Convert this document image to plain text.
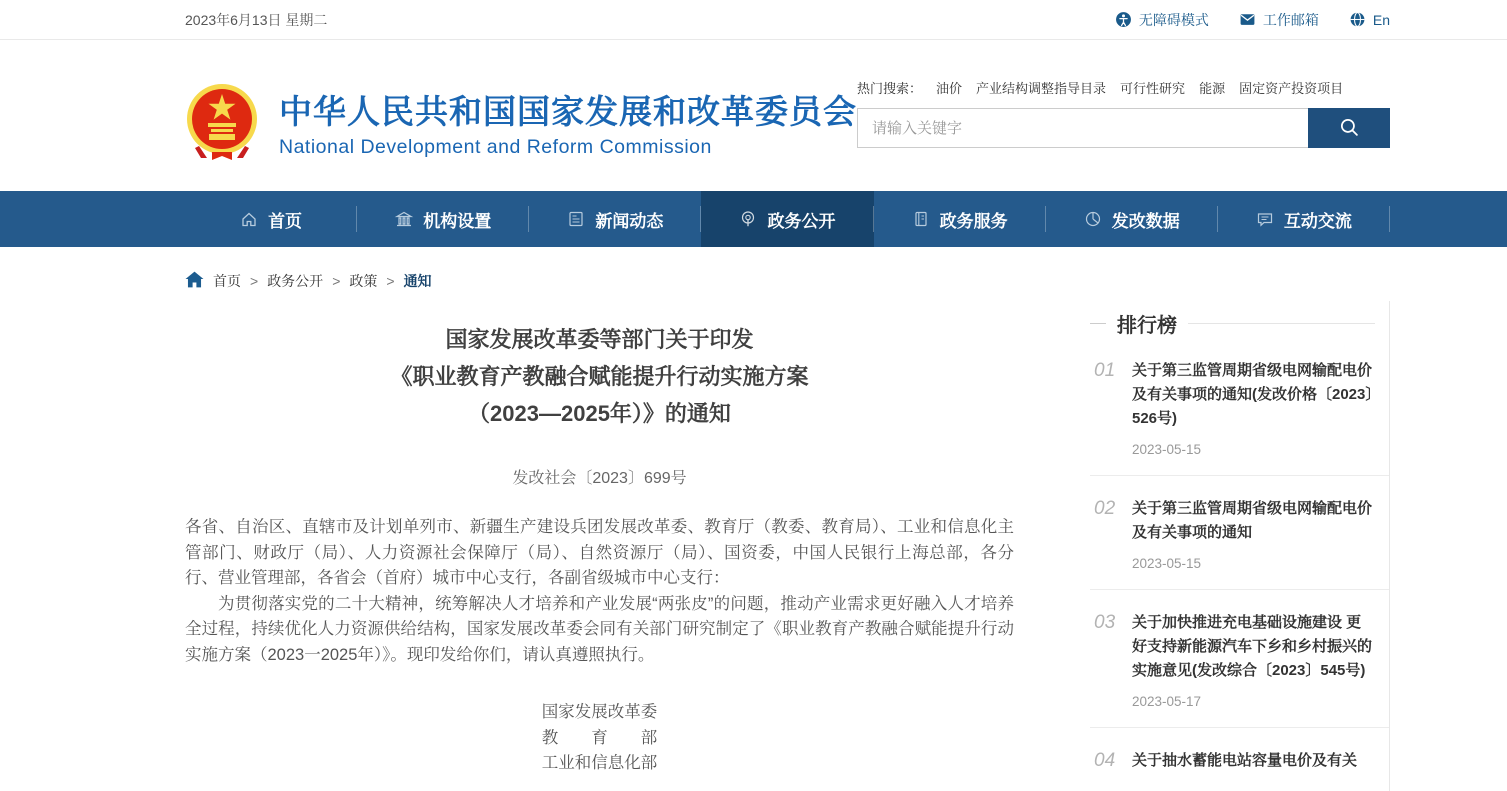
2023年6月13日 星期二	无障碍模式	工作邮箱	En
中华人民共和国国家发展和改革委员会
National Development and Reform Commission
热门搜索： 油价 产业结构调整指导目录 可行性研究 能源 固定资产投资项目
请输入关键字
首页	机构设置	新闻动态	政务公开	政务服务	发改数据	互动交流
首页 > 政务公开 > 政策 > 通知
国家发展改革委等部门关于印发
《职业教育产教融合赋能提升行动实施方案
（2023—2025年）》的通知
发改社会〔2023〕699号

各省、自治区、直辖市及计划单列市、新疆生产建设兵团发展改革委、教育厅（教委、教育局）、工业和信息化主管部门、财政厅（局）、人力资源社会保障厅（局）、自然资源厅（局）、国资委，中国人民银行上海总部，各分行、营业管理部，各省会（首府）城市中心支行，各副省级城市中心支行：

为贯彻落实党的二十大精神，统筹解决人才培养和产业发展“两张皮”的问题，推动产业需求更好融入人才培养全过程，持续优化人力资源供给结构，国家发展改革委会同有关部门研究制定了《职业教育产教融合赋能提升行动实施方案（2023一2025年）》。现印发给你们，请认真遵照执行。

国家发展改革委
教　　育　　部
工业和信息化部
排行榜
01	关于第三监管周期省级电网输配电价及有关事项的通知(发改价格〔2023〕526号)
2023-05-15
02	关于第三监管周期省级电网输配电价及有关事项的通知
2023-05-15
03	关于加快推进充电基础设施建设 更好支持新能源汽车下乡和乡村振兴的实施意见(发改综合〔2023〕545号)
2023-05-17
04	关于抽水蓄能电站容量电价及有关
